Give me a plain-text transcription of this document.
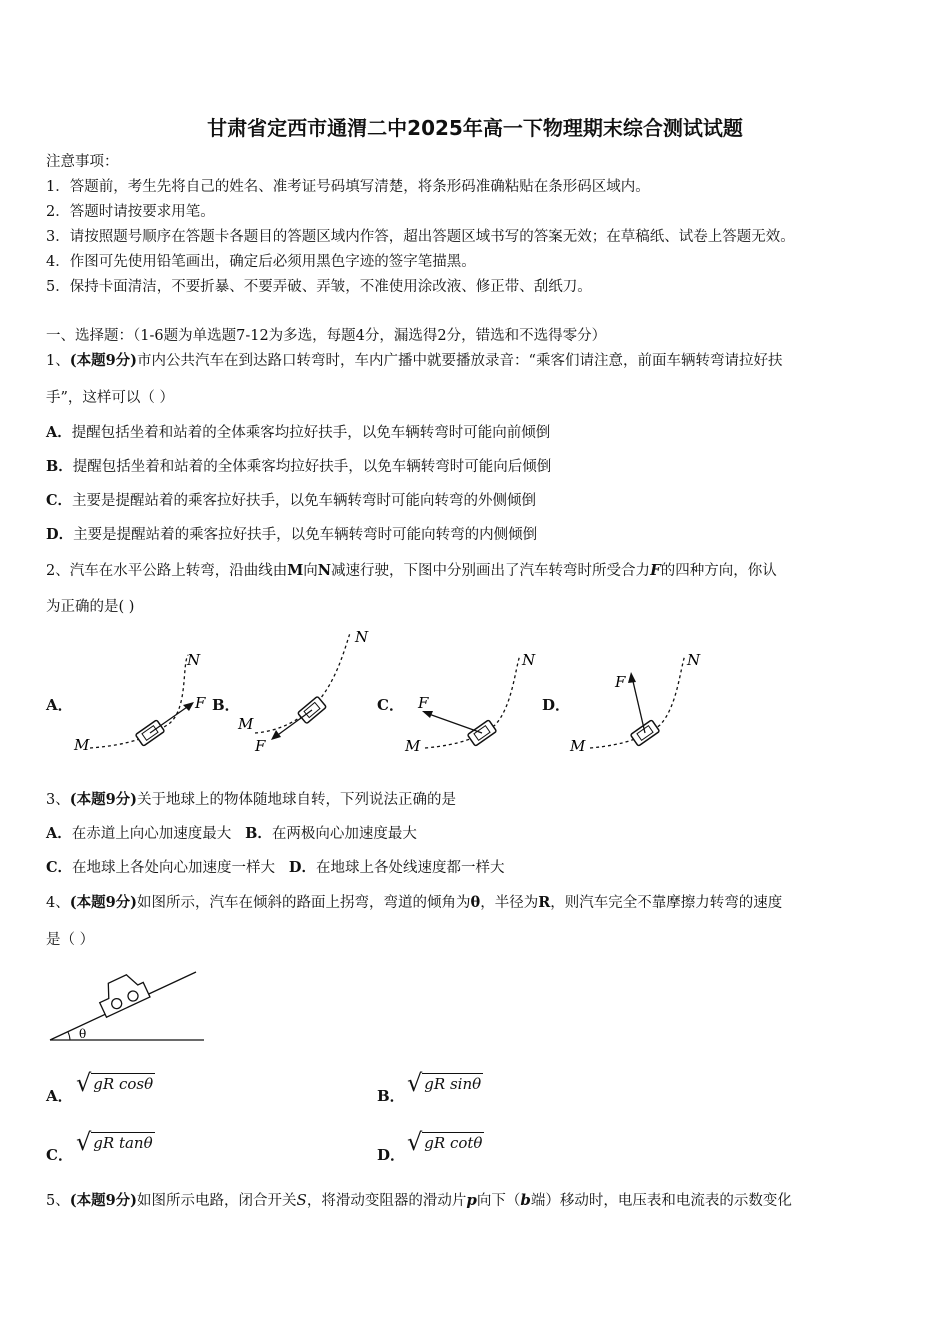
甘肃省定西市通渭二中2025年高一下物理期末综合测试试题
注意事项：
1．答题前，考生先将自己的姓名、准考证号码填写清楚，将条形码准确粘贴在条形码区域内。
2．答题时请按要求用笔。
3．请按照题号顺序在答题卡各题目的答题区域内作答，超出答题区域书写的答案无效；在草稿纸、试卷上答题无效。
4．作图可先使用铅笔画出，确定后必须用黑色字迹的签字笔描黑。
5．保持卡面清洁，不要折暴、不要弄破、弄皱，不准使用涂改液、修正带、刮纸刀。
一、选择题：（1-6题为单选题7-12为多选，每题4分，漏选得2分，错选和不选得零分）
1、(本题9分)市内公共汽车在到达路口转弯时，车内广播中就要播放录音：“乘客们请注意，前面车辆转弯请拉好扶
手”，这样可以（ ）
A．提醒包括坐着和站着的全体乘客均拉好扶手，以免车辆转弯时可能向前倾倒
B．提醒包括坐着和站着的全体乘客均拉好扶手，以免车辆转弯时可能向后倾倒
C．主要是提醒站着的乘客拉好扶手，以免车辆转弯时可能向转弯的外侧倾倒
D．主要是提醒站着的乘客拉好扶手，以免车辆转弯时可能向转弯的内侧倾倒
2、汽车在水平公路上转弯，沿曲线由M向N减速行驶，下图中分别画出了汽车转弯时所受合力F的四种方向，你认
为正确的是( )
A．
M
N
F B．
M
N
F
C．
M
N
F	D．
M
N
F
3、(本题9分)关于地球上的物体随地球自转，下列说法正确的是
A．在赤道上向心加速度最大 B．在两极向心加速度最大
C．在地球上各处向心加速度一样大 D．在地球上各处线速度都一样大
4、(本题9分)如图所示，汽车在倾斜的路面上拐弯，弯道的倾角为θ，半径为R，则汽车完全不靠摩擦力转弯的速度
是（ ）
θ
A． √ gR cosθ
B． √ gR sinθ
C． √ gR tanθ
D． √ gR cotθ
5、(本题9分)如图所示电路，闭合开关S，将滑动变阻器的滑动片p向下（b端）移动时，电压表和电流表的示数变化
